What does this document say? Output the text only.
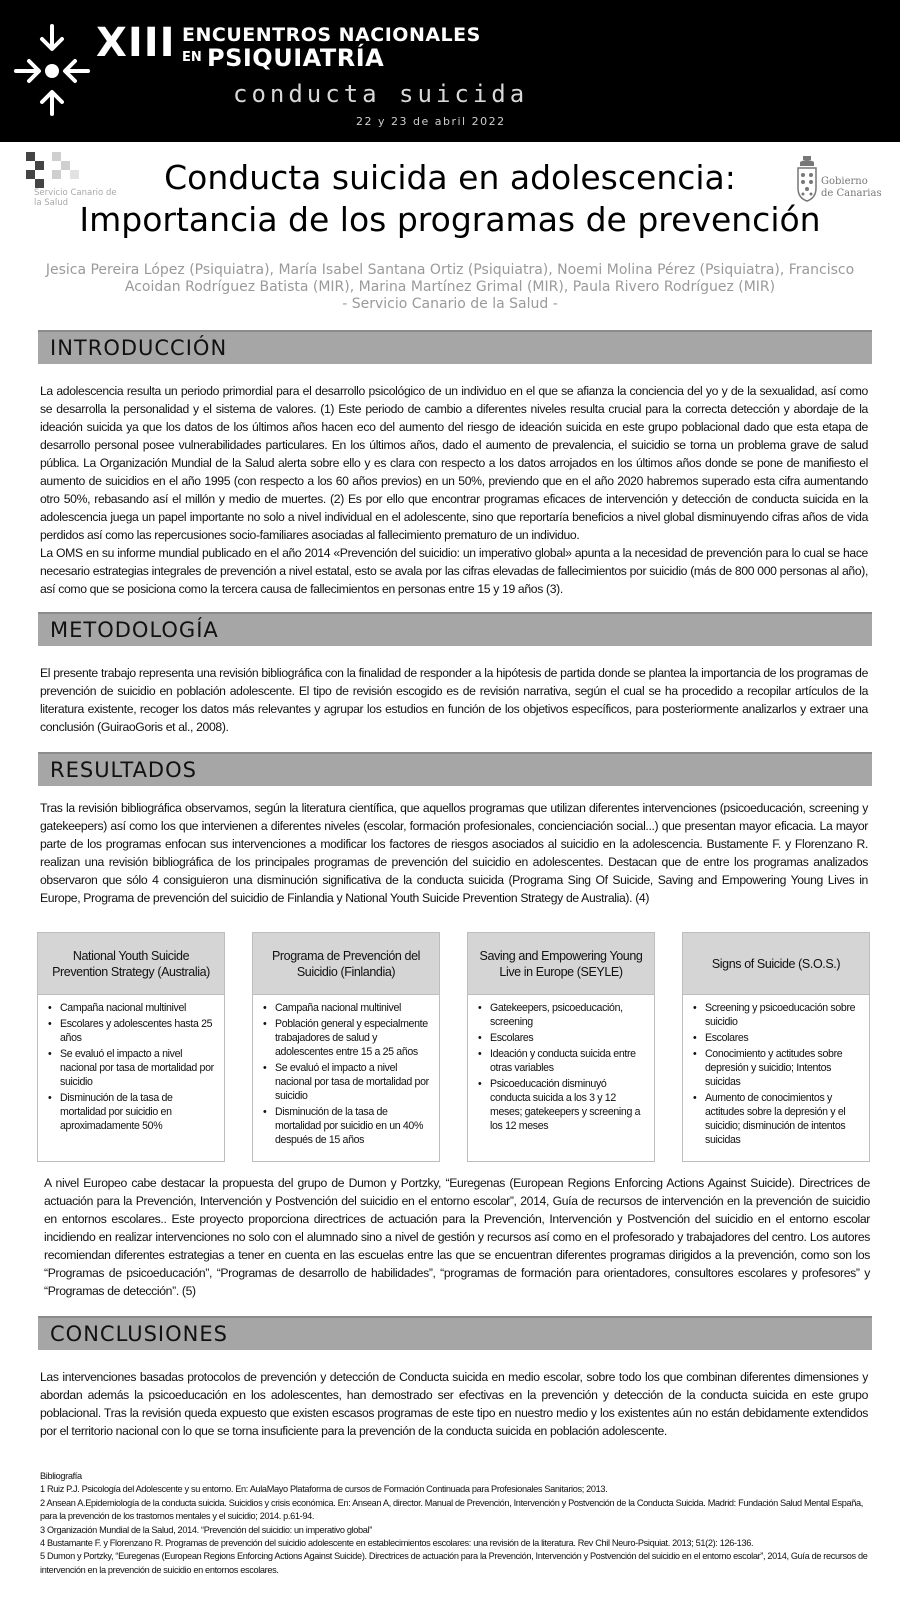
XIII ENCUENTROS NACIONALES
EN PSIQUIATRÍA
conducta suicida
22 y 23 de abril 2022
Servicio Canario de la Salud
Gobierno
de Canarias
Conducta suicida en adolescencia:
Importancia de los programas de prevención
Jesica Pereira López (Psiquiatra), María Isabel Santana Ortiz (Psiquiatra), Noemi Molina Pérez (Psiquiatra), Francisco
Acoidan Rodríguez Batista (MIR), Marina Martínez Grimal (MIR), Paula Rivero Rodríguez (MIR)
- Servicio Canario de la Salud -
INTRODUCCIÓN
La adolescencia resulta un periodo primordial para el desarrollo psicológico de un individuo en el que se afianza la conciencia del yo y de la sexualidad, así como se desarrolla la personalidad y el sistema de valores. (1) Este periodo de cambio a diferentes niveles resulta crucial para la correcta detección y abordaje de la ideación suicida ya que los datos de los últimos años hacen eco del aumento del riesgo de ideación suicida en este grupo poblacional dado que esta etapa de desarrollo personal posee vulnerabilidades particulares. En los últimos años, dado el aumento de prevalencia, el suicidio se torna un problema grave de salud pública. La Organización Mundial de la Salud alerta sobre ello y es clara con respecto a los datos arrojados en los últimos años donde se pone de manifiesto el aumento de suicidios en el año 1995 (con respecto a los 60 años previos) en un 50%, previendo que en el año 2020 habremos superado esta cifra aumentando otro 50%, rebasando así el millón y medio de muertes. (2) Es por ello que encontrar programas eficaces de intervención y detección de conducta suicida en la adolescencia juega un papel importante no solo a nivel individual en el adolescente, sino que reportaría beneficios a nivel global disminuyendo cifras años de vida perdidos así como las repercusiones socio-familiares asociadas al fallecimiento prematuro de un individuo.
La OMS en su informe mundial publicado en el año 2014 «Prevención del suicidio: un imperativo global» apunta a la necesidad de prevención para lo cual se hace necesario estrategias integrales de prevención a nivel estatal, esto se avala por las cifras elevadas de fallecimientos por suicidio (más de 800 000 personas al año), así como que se posiciona como la tercera causa de fallecimientos en personas entre 15 y 19 años (3).
METODOLOGÍA
El presente trabajo representa una revisión bibliográfica con la finalidad de responder a la hipótesis de partida donde se plantea la importancia de los programas de prevención de suicidio en población adolescente. El tipo de revisión escogido es de revisión narrativa, según el cual se ha procedido a recopilar artículos de la literatura existente, recoger los datos más relevantes y agrupar los estudios en función de los objetivos específicos, para posteriormente analizarlos y extraer una conclusión (GuiraoGoris et al., 2008).
RESULTADOS
Tras la revisión bibliográfica observamos, según la literatura científica, que aquellos programas que utilizan diferentes intervenciones (psicoeducación, screening y gatekeepers) así como los que intervienen a diferentes niveles (escolar, formación profesionales, concienciación social...) que presentan mayor eficacia. La mayor parte de los programas enfocan sus intervenciones a modificar los factores de riesgos asociados al suicidio en la adolescencia. Bustamente F. y Florenzano R. realizan una revisión bibliográfica de los principales programas de prevención del suicidio en adolescentes. Destacan que de entre los programas analizados observaron que sólo 4 consiguieron una disminución significativa de la conducta suicida (Programa Sing Of Suicide, Saving and Empowering Young Lives in Europe, Programa de prevención del suicidio de Finlandia y National Youth Suicide Prevention Strategy de Australia). (4)
National Youth Suicide Prevention Strategy (Australia)
• Campaña nacional multinivel
• Escolares y adolescentes hasta 25 años
• Se evaluó el impacto a nivel nacional por tasa de mortalidad por suicidio
• Disminución de la tasa de mortalidad por suicidio en aproximadamente 50%
Programa de Prevención del Suicidio (Finlandia)
• Campaña nacional multinivel
• Población general y especialmente trabajadores de salud y adolescentes entre 15 a 25 años
• Se evaluó el impacto a nivel nacional por tasa de mortalidad por suicidio
• Disminución de la tasa de mortalidad por suicidio en un 40% después de 15 años
Saving and Empowering Young Live in Europe (SEYLE)
• Gatekeepers, psicoeducación, screening
• Escolares
• Ideación y conducta suicida entre otras variables
• Psicoeducación disminuyó conducta suicida a los 3 y 12 meses; gatekeepers y screening a los 12 meses
Signs of Suicide (S.O.S.)
• Screening y psicoeducación sobre suicidio
• Escolares
• Conocimiento y actitudes sobre depresión y suicidio; Intentos suicidas
• Aumento de conocimientos y actitudes sobre la depresión y el suicidio; disminución de intentos suicidas
A nivel Europeo cabe destacar la propuesta del grupo de Dumon y Portzky, “Euregenas (European Regions Enforcing Actions Against Suicide). Directrices de actuación para la Prevención, Intervención y Postvención del suicidio en el entorno escolar”, 2014, Guía de recursos de intervención en la prevención de suicidio en entornos escolares.. Este proyecto proporciona directrices de actuación para la Prevención, Intervención y Postvención del suicidio en el entorno escolar incidiendo en realizar intervenciones no solo con el alumnado sino a nivel de gestión y recursos así como en el profesorado y trabajadores del centro. Los autores recomiendan diferentes estrategias a tener en cuenta en las escuelas entre las que se encuentran diferentes programas dirigidos a la prevención, como son los “Programas de psicoeducación”, “Programas de desarrollo de habilidades”, “programas de formación para orientadores, consultores escolares y profesores” y “Programas de detección”. (5)
CONCLUSIONES
Las intervenciones basadas protocolos de prevención y detección de Conducta suicida en medio escolar, sobre todo los que combinan diferentes dimensiones y abordan además la psicoeducación en los adolescentes, han demostrado ser efectivas en la prevención y detección de la conducta suicida en este grupo poblacional. Tras la revisión queda expuesto que existen escasos programas de este tipo en nuestro medio y los existentes aún no están debidamente extendidos por el territorio nacional con lo que se torna insuficiente para la prevención de la conducta suicida en población adolescente.
Bibliografía
1 Ruiz P.J. Psicología del Adolescente y su entorno. En: AulaMayo Plataforma de cursos de Formación Continuada para Profesionales Sanitarios; 2013.
2 Ansean A.Epidemiología de la conducta suicida. Suicidios y crisis económica. En: Ansean A, director. Manual de Prevención, Intervención y Postvención de la Conducta Suicida. Madrid: Fundación Salud Mental España, para la prevención de los trastornos mentales y el suicidio; 2014. p.61-94.
3 Organización Mundial de la Salud, 2014. “Prevención del suicidio: un imperativo global”
4 Bustamante F. y Florenzano R. Programas de prevención del suicidio adolescente en establecimientos escolares: una revisión de la literatura. Rev Chil Neuro-Psiquiat. 2013; 51(2): 126-136.
5 Dumon y Portzky, “Euregenas (European Regions Enforcing Actions Against Suicide). Directrices de actuación para la Prevención, Intervención y Postvención del suicidio en el entorno escolar”, 2014, Guía de recursos de intervención en la prevención de suicidio en entornos escolares.
